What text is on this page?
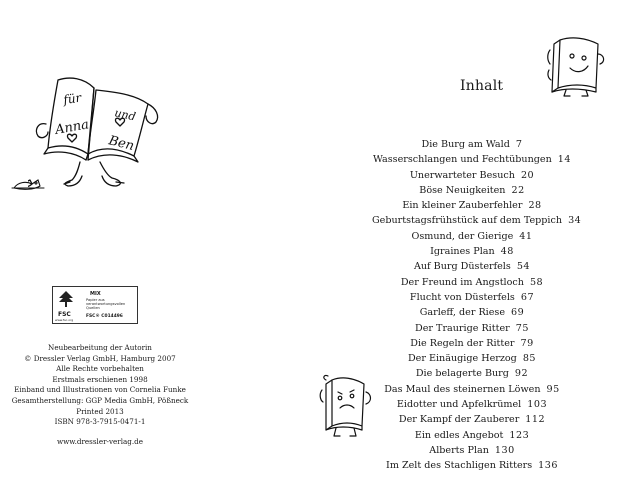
für
und
Anna
Ben
FSC
www.fsc.org
MIX
Papier aus verantwortungsvollen Quellen
FSC® C014496
Neubearbeitung der Autorin
© Dressler Verlag GmbH, Hamburg 2007
Alle Rechte vorbehalten
Erstmals erschienen 1998
Einband und Illustrationen von Cornelia Funke
Gesamtherstellung: GGP Media GmbH, Pößneck
Printed 2013
ISBN 978-3-7915-0471-1
www.dressler-verlag.de
Inhalt
Die Burg am Wald 7
Wasserschlangen und Fechtübungen 14
Unerwarteter Besuch 20
Böse Neuigkeiten 22
Ein kleiner Zauberfehler 28
Geburtstagsfrühstück auf dem Teppich 34
Osmund, der Gierige 41
Igraines Plan 48
Auf Burg Düsterfels 54
Der Freund im Angstloch 58
Flucht von Düsterfels 67
Garleff, der Riese 69
Der Traurige Ritter 75
Die Regeln der Ritter 79
Der Einäugige Herzog 85
Die belagerte Burg 92
Das Maul des steinernen Löwen 95
Eidotter und Apfelkrümel 103
Der Kampf der Zauberer 112
Ein edles Angebot 123
Alberts Plan 130
Im Zelt des Stachligen Ritters 136
